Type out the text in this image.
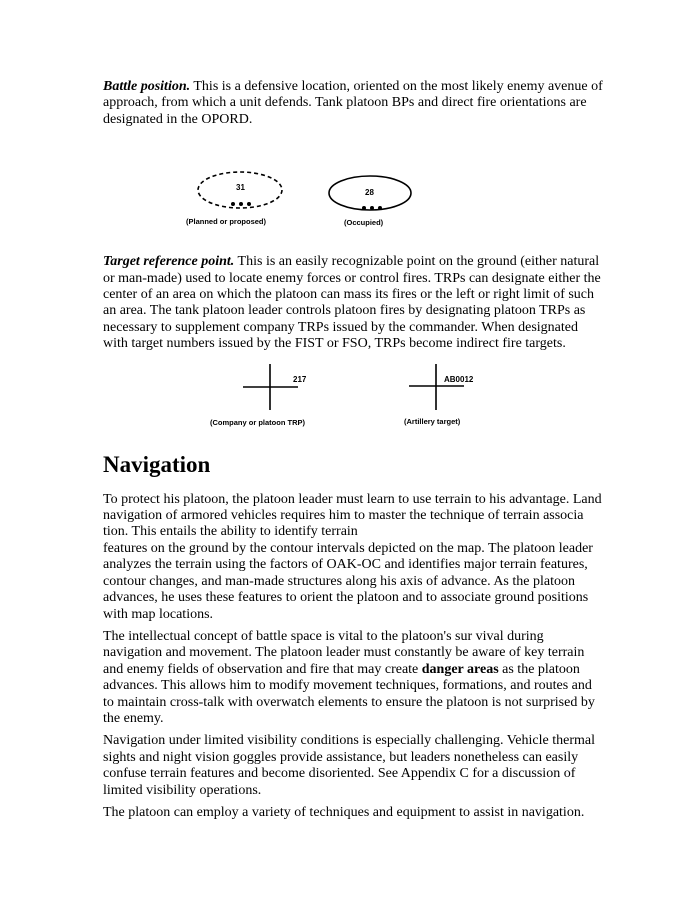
Battle position. This is a defensive location, oriented on the most likely enemy avenue of approach, from which a unit defends. Tank platoon BPs and direct fire orientations are designated in the OPORD.

31
(Planned or proposed)
28
(Occupied)

Target reference point. This is an easily recognizable point on the ground (either natural or man-made) used to locate enemy forces or control fires. TRPs can designate either the center of an area on which the platoon can mass its fires or the left or right limit of such an area. The tank platoon leader controls platoon fires by designating platoon TRPs as necessary to supplement company TRPs issued by the commander. When designated with target numbers issued by the FIST or FSO, TRPs become indirect fire targets.

217
(Company or platoon TRP)
AB0012
(Artillery target)
Navigation

To protect his platoon, the platoon leader must learn to use terrain to his advantage. Land navigation of armored vehicles requires him to master the technique of terrain associa tion. This entails the ability to identify terrain
features on the ground by the contour intervals depicted on the map. The platoon leader analyzes the terrain using the factors of OAK-OC and identifies major terrain features, contour changes, and man-made structures along his axis of advance. As the platoon advances, he uses these features to orient the platoon and to associate ground positions with map locations.

The intellectual concept of battle space is vital to the platoon's sur vival during navigation and movement. The platoon leader must constantly be aware of key terrain and enemy fields of observation and fire that may create danger areas as the platoon advances. This allows him to modify movement techniques, formations, and routes and to maintain cross-talk with overwatch elements to ensure the platoon is not surprised by the enemy.

Navigation under limited visibility conditions is especially challenging. Vehicle thermal sights and night vision goggles provide assistance, but leaders nonetheless can easily confuse terrain features and become disoriented. See Appendix C for a discussion of limited visibility operations.

The platoon can employ a variety of techniques and equipment to assist in navigation.
